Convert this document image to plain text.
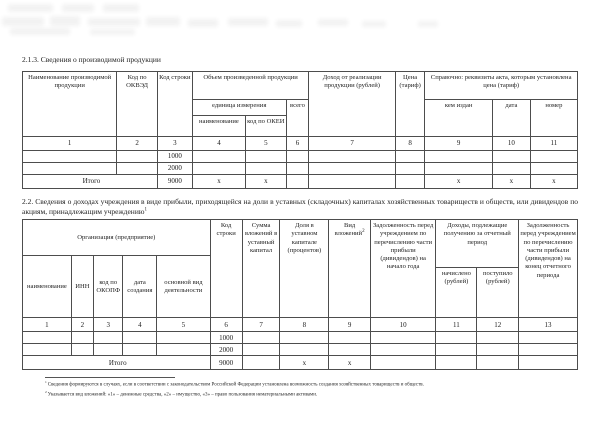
2.1.3. Сведения о производимой продукции
Наименование производимой продукции	Код по ОКВЭД	Код строки	Объем произведенной продукции			Доход от реализации продукции (рублей)	Цена (тариф)	Справочно: реквизиты акта, которым установлена цена (тариф)		
			единица измерения		всего			кем издан	дата	номер
			наименование	код по ОКЕИ						
1	2	3	4	5	6	7	8	9	10	11
		1000								
		2000								
Итого		9000	x	x				x	x	x
2.2. Сведения о доходах учреждения в виде прибыли, приходящейся на доли в уставных (складочных) капиталах хозяйственных товариществ и обществ, или дивидендов по акциям, принадлежащим учреждению$^1$
Организация (предприятие)					Код строки	Сумма вложений в уставный капитал	Доля в уставном капитале (процентов)	Вид вложений$^2$	Задолженность перед учреждением по перечислению части прибыли (дивидендов) на начало года	Доходы, подлежащие получению за отчетный период		Задолженность перед учреждением по перечислению части прибыли (дивидендов) на конец отчетного периода
наименование	ИНН	код по ОКОПФ	дата создания	основной вид деятельности								
										начислено (рублей)	поступило (рублей)	
1	2	3	4	5	6	7	8	9	10	11	12	13
					1000							
					2000							
Итого					9000		x	x				
$^1$Сведения формируются в случаях, если в соответствии с законодательством Российской Федерации установлена возможность создания хозяйственных товариществ и обществ.
$^2$Указывается вид вложений: «1» – денежные средства, «2» – имущество, «3» – право пользования нематериальными активами.
